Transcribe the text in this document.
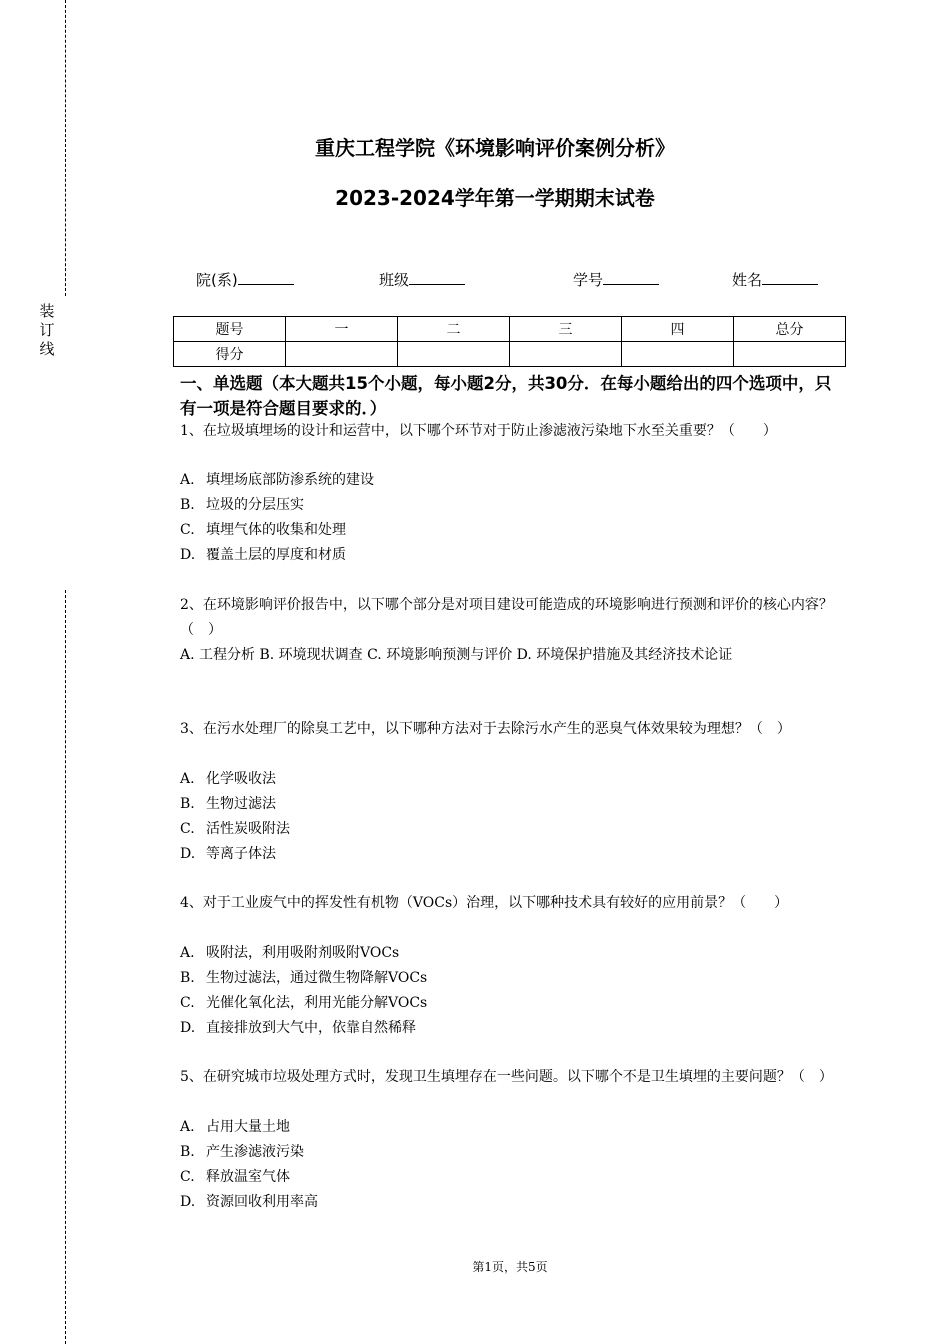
装
订
线
重庆工程学院《环境影响评价案例分析》
2023-2024学年第一学期期末试卷
院(系)	班级	学号	姓名
题号	一	二	三	四	总分
得分					
一、单选题（本大题共15个小题，每小题2分，共30分．在每小题给出的四个选项中，只有一项是符合题目要求的．）
1、在垃圾填埋场的设计和运营中，以下哪个环节对于防止渗滤液污染地下水至关重要？（　　）
A. 填埋场底部防渗系统的建设
B. 垃圾的分层压实
C. 填埋气体的收集和处理
D. 覆盖土层的厚度和材质
2、在环境影响评价报告中，以下哪个部分是对项目建设可能造成的环境影响进行预测和评价的核心内容？（　）
A. 工程分析 B. 环境现状调查 C. 环境影响预测与评价 D. 环境保护措施及其经济技术论证
3、在污水处理厂的除臭工艺中，以下哪种方法对于去除污水产生的恶臭气体效果较为理想？（　）
A. 化学吸收法
B. 生物过滤法
C. 活性炭吸附法
D. 等离子体法
4、对于工业废气中的挥发性有机物（VOCs）治理，以下哪种技术具有较好的应用前景？（　　）
A. 吸附法，利用吸附剂吸附VOCs
B. 生物过滤法，通过微生物降解VOCs
C. 光催化氧化法，利用光能分解VOCs
D. 直接排放到大气中，依靠自然稀释
5、在研究城市垃圾处理方式时，发现卫生填埋存在一些问题。以下哪个不是卫生填埋的主要问题？（　）
A. 占用大量土地
B. 产生渗滤液污染
C. 释放温室气体
D. 资源回收利用率高
第1页，共5页
